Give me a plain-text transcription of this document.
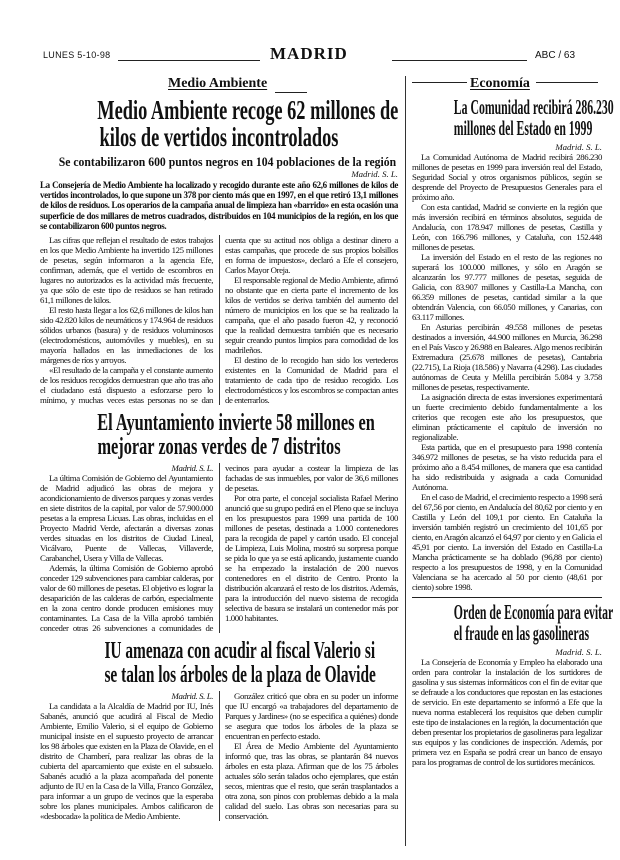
LUNES 5-10-98	MADRID	ABC / 63
Medio Ambiente
Medio Ambiente recoge 62 millones de
kilos de vertidos incontrolados
Se contabilizaron 600 puntos negros en 104 poblaciones de la región
Madrid. S. L.
La Consejería de Medio Ambiente ha localizado y recogido durante este año 62,6 millones de kilos de vertidos incontrolados, lo que supone un 378 por ciento más que en 1997, en el que retiró 13,1 millones de kilos de residuos. Los operarios de la campaña anual de limpieza han «barrido» en esta ocasión una superficie de dos millares de metros cuadrados, distribuidos en 104 municipios de la región, en los que se contabilizaron 600 puntos negros.

Las cifras que reflejan el resultado de estos trabajos en los que Medio Ambiente ha invertido 125 millones de pesetas, según informaron a la agencia Efe, confirman, además, que el vertido de escombros en lugares no autorizados es la actividad más frecuente, ya que sólo de este tipo de residuos se han retirado 61,1 millones de kilos.

El resto hasta llegar a los 62,6 millones de kilos han sido 42.820 kilos de neumáticos y 174.964 de residuos sólidos urbanos (basura) y de residuos voluminosos (electrodomésticos, automóviles y muebles), en su mayoría hallados en las inmediaciones de los márgenes de ríos y arroyos.

«El resultado de la campaña y el constante aumento de los residuos recogidos demuestran que año tras año el ciudadano está dispuesto a esforzarse pero lo mínimo, y muchas veces estas personas no se dan cuenta que su actitud nos obliga a destinar dinero a estas campañas, que procede de sus propios bolsillos en forma de impuestos», declaró a Efe el consejero, Carlos Mayor Oreja.

El responsable regional de Medio Ambiente, afirmó no obstante que en cierta parte el incremento de los kilos de vertidos se deriva también del aumento del número de municipios en los que se ha realizado la campaña, que el año pasado fueron 42, y reconoció que la realidad demuestra también que es necesario seguir creando puntos limpios para comodidad de los madrileños.

El destino de lo recogido han sido los vertederos existentes en la Comunidad de Madrid para el tratamiento de cada tipo de residuo recogido. Los electrodomésticos y los escombros se compactan antes de enterrarlos.

El Ayuntamiento invierte 58 millones en
mejorar zonas verdes de 7 distritos
Madrid. S. L.

La última Comisión de Gobierno del Ayuntamiento de Madrid adjudicó las obras de mejora y acondicionamiento de diversos parques y zonas verdes en siete distritos de la capital, por valor de 57.900.000 pesetas a la empresa Licuas. Las obras, incluidas en el Proyecto Madrid Verde, afectarán a diversas zonas verdes situadas en los distritos de Ciudad Lineal, Vicálvaro, Puente de Vallecas, Villaverde, Carabanchel, Usera y Villa de Vallecas.

Además, la última Comisión de Gobierno aprobó conceder 129 subvenciones para cambiar calderas, por valor de 60 millones de pesetas. El objetivo es lograr la desaparición de las calderas de carbón, especialmente en la zona centro donde producen emisiones muy contaminantes. La Casa de la Villa aprobó también conceder otras 26 subvenciones a comunidades de vecinos para ayudar a costear la limpieza de las fachadas de sus inmuebles, por valor de 36,6 millones de pesetas.

Por otra parte, el concejal socialista Rafael Merino anunció que su grupo pedirá en el Pleno que se incluya en los presupuestos para 1999 una partida de 100 millones de pesetas, destinada a 1.000 contenedores para la recogida de papel y cartón usado. El concejal de Limpieza, Luis Molina, mostró su sorpresa porque se pida lo que ya se está aplicando, justamente cuando se ha empezado la instalación de 200 nuevos contenedores en el distrito de Centro. Pronto la distribución alcanzará el resto de los distritos. Además, para la introducción del nuevo sistema de recogida selectiva de basura se instalará un contenedor más por 1.000 habitantes.

IU amenaza con acudir al fiscal Valerio si
se talan los árboles de la plaza de Olavide
Madrid. S. L.

La candidata a la Alcaldía de Madrid por IU, Inés Sabanés, anunció que acudirá al Fiscal de Medio Ambiente, Emilio Valerio, si el equipo de Gobierno municipal insiste en el supuesto proyecto de arrancar los 98 árboles que existen en la Plaza de Olavide, en el distrito de Chamberí, para realizar las obras de la cubierta del aparcamiento que existe en el subsuelo. Sabanés acudió a la plaza acompañada del ponente adjunto de IU en la Casa de la Villa, Franco González, para informar a un grupo de vecinos que la esperaba sobre los planes municipales. Ambos calificaron de «desbocada» la política de Medio Ambiente.

González criticó que obra en su poder un informe que IU encargó «a trabajadores del departamento de Parques y Jardines» (no se especifica a quiénes) donde se asegura que todos los árboles de la plaza se encuentran en perfecto estado.

El Área de Medio Ambiente del Ayuntamiento informó que, tras las obras, se plantarán 84 nuevos árboles en esta plaza. Afirman que de los 75 árboles actuales sólo serán talados ocho ejemplares, que están secos, mientras que el resto, que serán trasplantados a otra zona, son pinos con problemas debido a la mala calidad del suelo. Las obras son necesarias para su conservación.

Economía
La Comunidad recibirá 286.230
millones del Estado en 1999
Madrid. S. L.

La Comunidad Autónoma de Madrid recibirá 286.230 millones de pesetas en 1999 para inversión real del Estado, Seguridad Social y otros organismos públicos, según se desprende del Proyecto de Presupuestos Generales para el próximo año.

Con esta cantidad, Madrid se convierte en la región que más inversión recibirá en términos absolutos, seguida de Andalucía, con 178.947 millones de pesetas, Castilla y León, con 166.796 millones, y Cataluña, con 152.448 millones de pesetas.

La inversión del Estado en el resto de las regiones no superará los 100.000 millones, y sólo en Aragón se alcanzarán los 97.777 millones de pesetas, seguida de Galicia, con 83.907 millones y Castilla-La Mancha, con 66.359 millones de pesetas, cantidad similar a la que obtendrán Valencia, con 66.050 millones, y Canarias, con 63.117 millones.

En Asturias percibirán 49.558 millones de pesetas destinados a inversión, 44.900 millones en Murcia, 36.298 en el País Vasco y 26.988 en Baleares. Algo menos recibirán Extremadura (25.678 millones de pesetas), Cantabria (22.715), La Rioja (18.586) y Navarra (4.298). Las ciudades autónomas de Ceuta y Melilla percibirán 5.084 y 3.758 millones de pesetas, respectivamente.

La asignación directa de estas inversiones experimentará un fuerte crecimiento debido fundamentalmente a los criterios que recogen este año los presupuestos, que eliminan prácticamente el capítulo de inversión no regionalizable.

Esta partida, que en el presupuesto para 1998 contenía 346.972 millones de pesetas, se ha visto reducida para el próximo año a 8.454 millones, de manera que esa cantidad ha sido redistribuida y asignada a cada Comunidad Autónoma.

En el caso de Madrid, el crecimiento respecto a 1998 será del 67,56 por ciento, en Andalucía del 80,62 por ciento y en Castilla y León del 109,1 por ciento. En Cataluña la inversión también registró un crecimiento del 101,65 por ciento, en Aragón alcanzó el 64,97 por ciento y en Galicia el 45,91 por ciento. La inversión del Estado en Castilla-La Mancha prácticamente se ha doblado (96,88 por ciento) respecto a los presupuestos de 1998, y en la Comunidad Valenciana se ha acercado al 50 por ciento (48,61 por ciento) sobre 1998.

Orden de Economía para evitar
el fraude en las gasolineras
Madrid. S. L.

La Consejería de Economía y Empleo ha elaborado una orden para controlar la instalación de los surtidores de gasolina y sus sistemas informáticos con el fin de evitar que se defraude a los conductores que repostan en las estaciones de servicio. En este departamento se informó a Efe que la nueva norma establecerá los requisitos que deben cumplir este tipo de instalaciones en la región, la documentación que deben presentar los propietarios de gasolineras para legalizar sus equipos y las condiciones de inspección. Además, por primera vez en España se podrá crear un banco de ensayo para los programas de control de los surtidores mecánicos.
